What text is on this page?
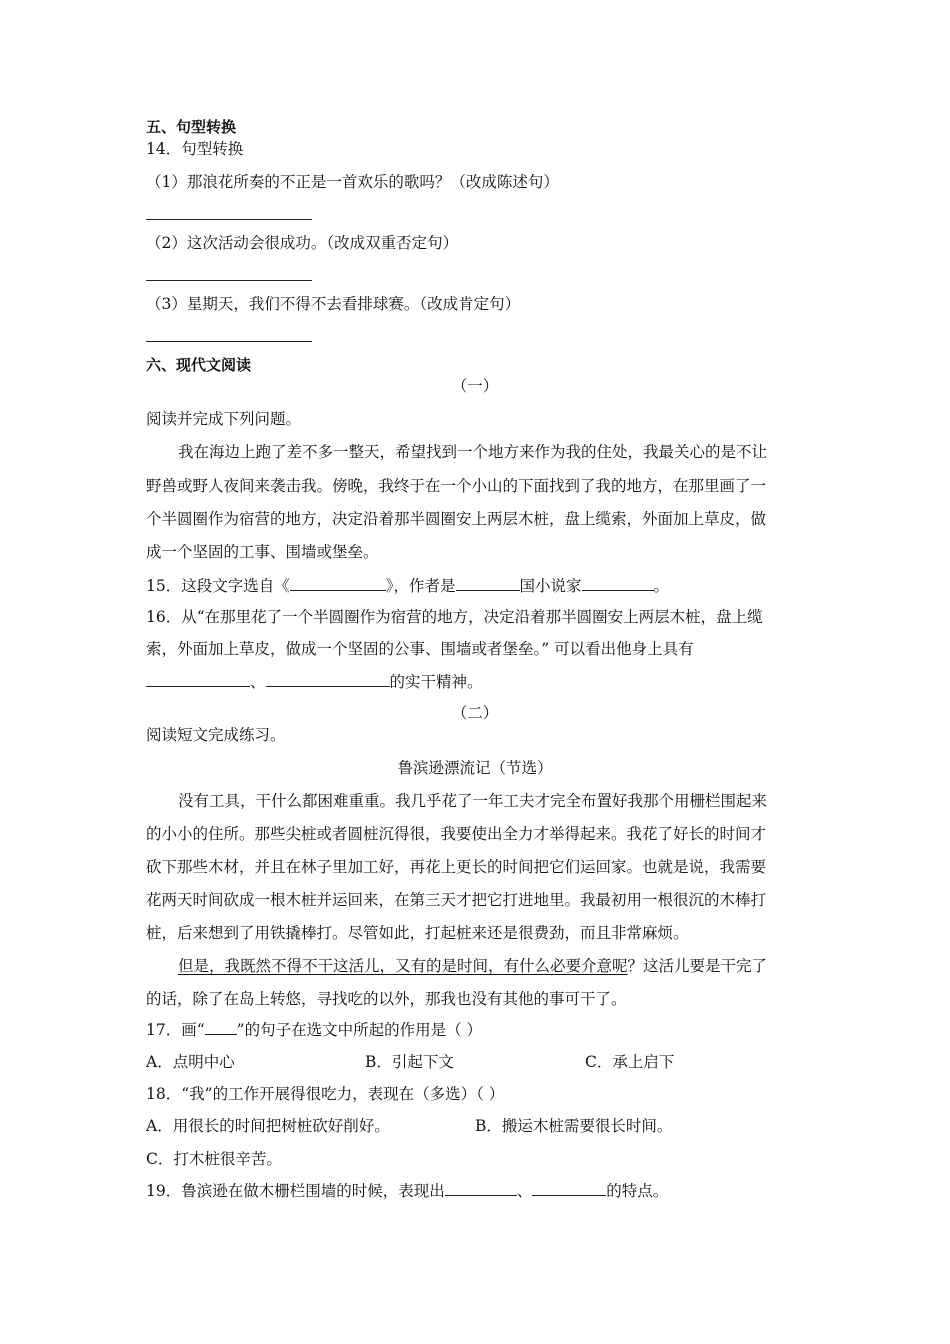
五、句型转换
14．句型转换
（1）那浪花所奏的不正是一首欢乐的歌吗？（改成陈述句）
（2）这次活动会很成功。（改成双重否定句）
（3）星期天，我们不得不去看排球赛。（改成肯定句）
六、现代文阅读
（一）
阅读并完成下列问题。
我在海边上跑了差不多一整天，希望找到一个地方来作为我的住处，我最关心的是不让
野兽或野人夜间来袭击我。傍晚，我终于在一个小山的下面找到了我的地方，在那里画了一
个半圆圈作为宿营的地方，决定沿着那半圆圈安上两层木桩，盘上缆索，外面加上草皮，做
成一个坚固的工事、围墙或堡垒。
15．这段文字选自《	》，作者是	国小说家	。
16．从“在那里花了一个半圆圈作为宿营的地方，决定沿着那半圆圈安上两层木桩，盘上缆
索，外面加上草皮，做成一个坚固的公事、围墙或者堡垒。” 可以看出他身上具有
、	的实干精神。
（二）
阅读短文完成练习。
鲁滨逊漂流记（节选）
没有工具，干什么都困难重重。我几乎花了一年工夫才完全布置好我那个用栅栏围起来
的小小的住所。那些尖桩或者圆桩沉得很，我要使出全力才举得起来。我花了好长的时间才
砍下那些木材，并且在林子里加工好，再花上更长的时间把它们运回家。也就是说，我需要
花两天时间砍成一根木桩并运回来，在第三天才把它打进地里。我最初用一根很沉的木棒打
桩，后来想到了用铁撬棒打。尽管如此，打起桩来还是很费劲，而且非常麻烦。
但是，我既然不得不干这活儿，又有的是时间，有什么必要介意呢？这活儿要是干完了
的话，除了在岛上转悠，寻找吃的以外，那我也没有其他的事可干了。
17．画“ ”的句子在选文中所起的作用是（ ）
A．点明中心	B．引起下文	C．承上启下
18．“我”的工作开展得很吃力，表现在（多选）（ ）
A．用很长的时间把树桩砍好削好。	B．搬运木桩需要很长时间。
C．打木桩很辛苦。
19．鲁滨逊在做木栅栏围墙的时候，表现出	、	的特点。
